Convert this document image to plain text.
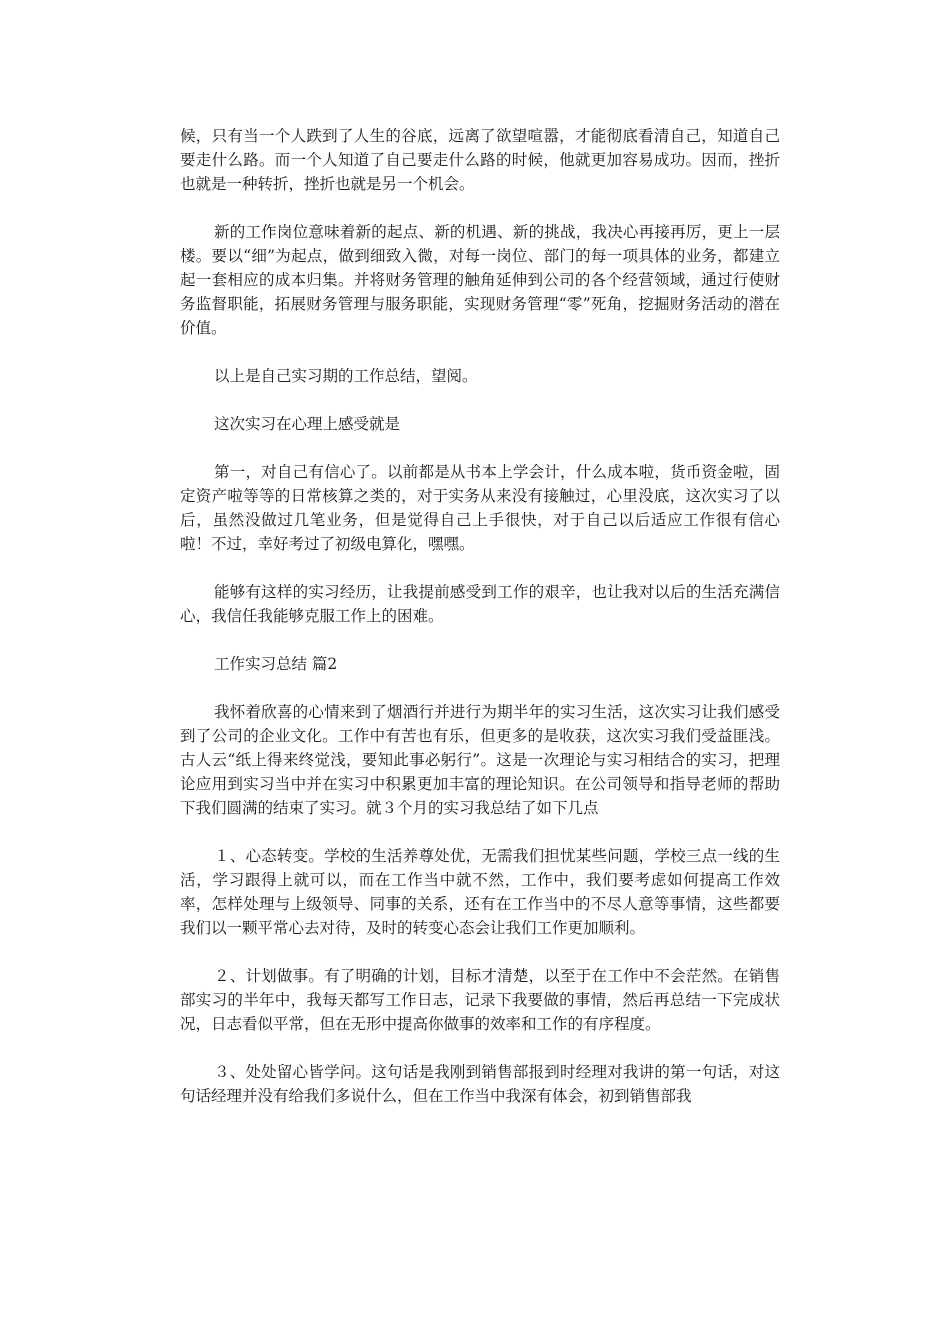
候，只有当一个人跌到了人生的谷底，远离了欲望喧嚣，才能彻底看清自己，知道自己要走什么路。而一个人知道了自己要走什么路的时候，他就更加容易成功。因而，挫折也就是一种转折，挫折也就是另一个机会。

新的工作岗位意味着新的起点、新的机遇、新的挑战，我决心再接再厉，更上一层楼。要以“细”为起点，做到细致入微，对每一岗位、部门的每一项具体的业务，都建立起一套相应的成本归集。并将财务管理的触角延伸到公司的各个经营领域，通过行使财务监督职能，拓展财务管理与服务职能，实现财务管理“零”死角，挖掘财务活动的潜在价值。

以上是自己实习期的工作总结，望阅。

这次实习在心理上感受就是

第一，对自己有信心了。以前都是从书本上学会计，什么成本啦，货币资金啦，固定资产啦等等的日常核算之类的，对于实务从来没有接触过，心里没底，这次实习了以后，虽然没做过几笔业务，但是觉得自己上手很快，对于自己以后适应工作很有信心啦！不过，幸好考过了初级电算化，嘿嘿。

能够有这样的实习经历，让我提前感受到工作的艰辛，也让我对以后的生活充满信心，我信任我能够克服工作上的困难。

工作实习总结 篇2

我怀着欣喜的心情来到了烟酒行并进行为期半年的实习生活，这次实习让我们感受到了公司的企业文化。工作中有苦也有乐，但更多的是收获，这次实习我们受益匪浅。古人云“纸上得来终觉浅，要知此事必躬行”。这是一次理论与实习相结合的实习，把理论应用到实习当中并在实习中积累更加丰富的理论知识。在公司领导和指导老师的帮助下我们圆满的结束了实习。就３个月的实习我总结了如下几点

１、心态转变。学校的生活养尊处优，无需我们担忧某些问题，学校三点一线的生活，学习跟得上就可以，而在工作当中就不然，工作中，我们要考虑如何提高工作效率，怎样处理与上级领导、同事的关系，还有在工作当中的不尽人意等事情，这些都要我们以一颗平常心去对待，及时的转变心态会让我们工作更加顺利。

２、计划做事。有了明确的计划，目标才清楚，以至于在工作中不会茫然。在销售部实习的半年中，我每天都写工作日志，记录下我要做的事情，然后再总结一下完成状况，日志看似平常，但在无形中提高你做事的效率和工作的有序程度。

３、处处留心皆学问。这句话是我刚到销售部报到时经理对我讲的第一句话，对这句话经理并没有给我们多说什么，但在工作当中我深有体会，初到销售部我
